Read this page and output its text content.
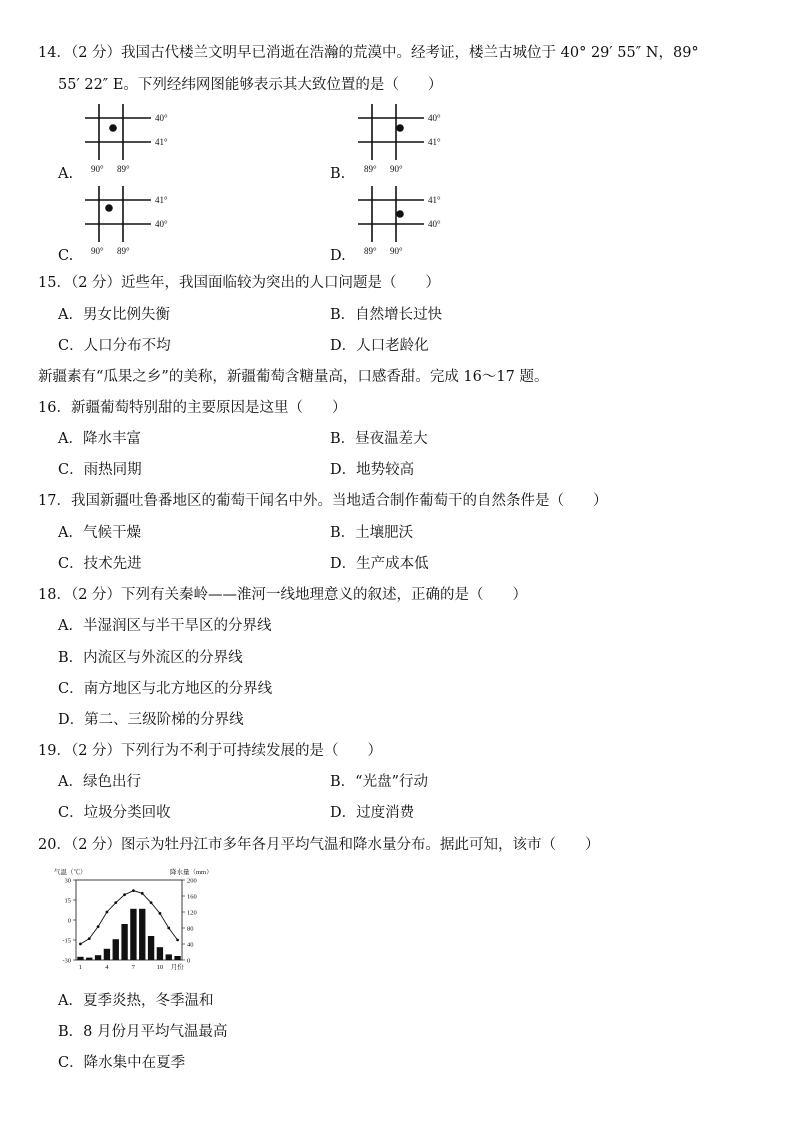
14．（2 分）我国古代楼兰文明早已消逝在浩瀚的荒漠中。经考证，楼兰古城位于 40° 29′ 55″ N，89°
55′ 22″ E。下列经纬网图能够表示其大致位置的是（　　）
A.
40°
41°
90° 89°	B.
40°
41°
89° 90°
C.
41°
40°
90° 89°	D.
41°
40°
89° 90°
15．（2 分）近些年，我国面临较为突出的人口问题是（　　）
A．男女比例失衡	B．自然增长过快
C．人口分布不均	D．人口老龄化
新疆素有“瓜果之乡”的美称，新疆葡萄含糖量高，口感香甜。完成 16～17 题。
16．新疆葡萄特别甜的主要原因是这里（　　）
A．降水丰富	B．昼夜温差大
C．雨热同期	D．地势较高
17．我国新疆吐鲁番地区的葡萄干闻名中外。当地适合制作葡萄干的自然条件是（　　）
A．气候干燥	B．土壤肥沃
C．技术先进	D．生产成本低
18．（2 分）下列有关秦岭——淮河一线地理意义的叙述，正确的是（　　）
A．半湿润区与半干旱区的分界线
B．内流区与外流区的分界线
C．南方地区与北方地区的分界线
D．第二、三级阶梯的分界线
19．（2 分）下列行为不利于可持续发展的是（　　）
A．绿色出行	B．“光盘”行动
C．垃圾分类回收	D．过度消费
20．（2 分）图示为牡丹江市多年各月平均气温和降水量分布。据此可知，该市（　　）
气温（℃）	降水量（mm）
30
15
0
-15
-30
200
160
120
80
40
0
1	4	7	10 月份
A．夏季炎热，冬季温和
B．8 月份月平均气温最高
C．降水集中在夏季
